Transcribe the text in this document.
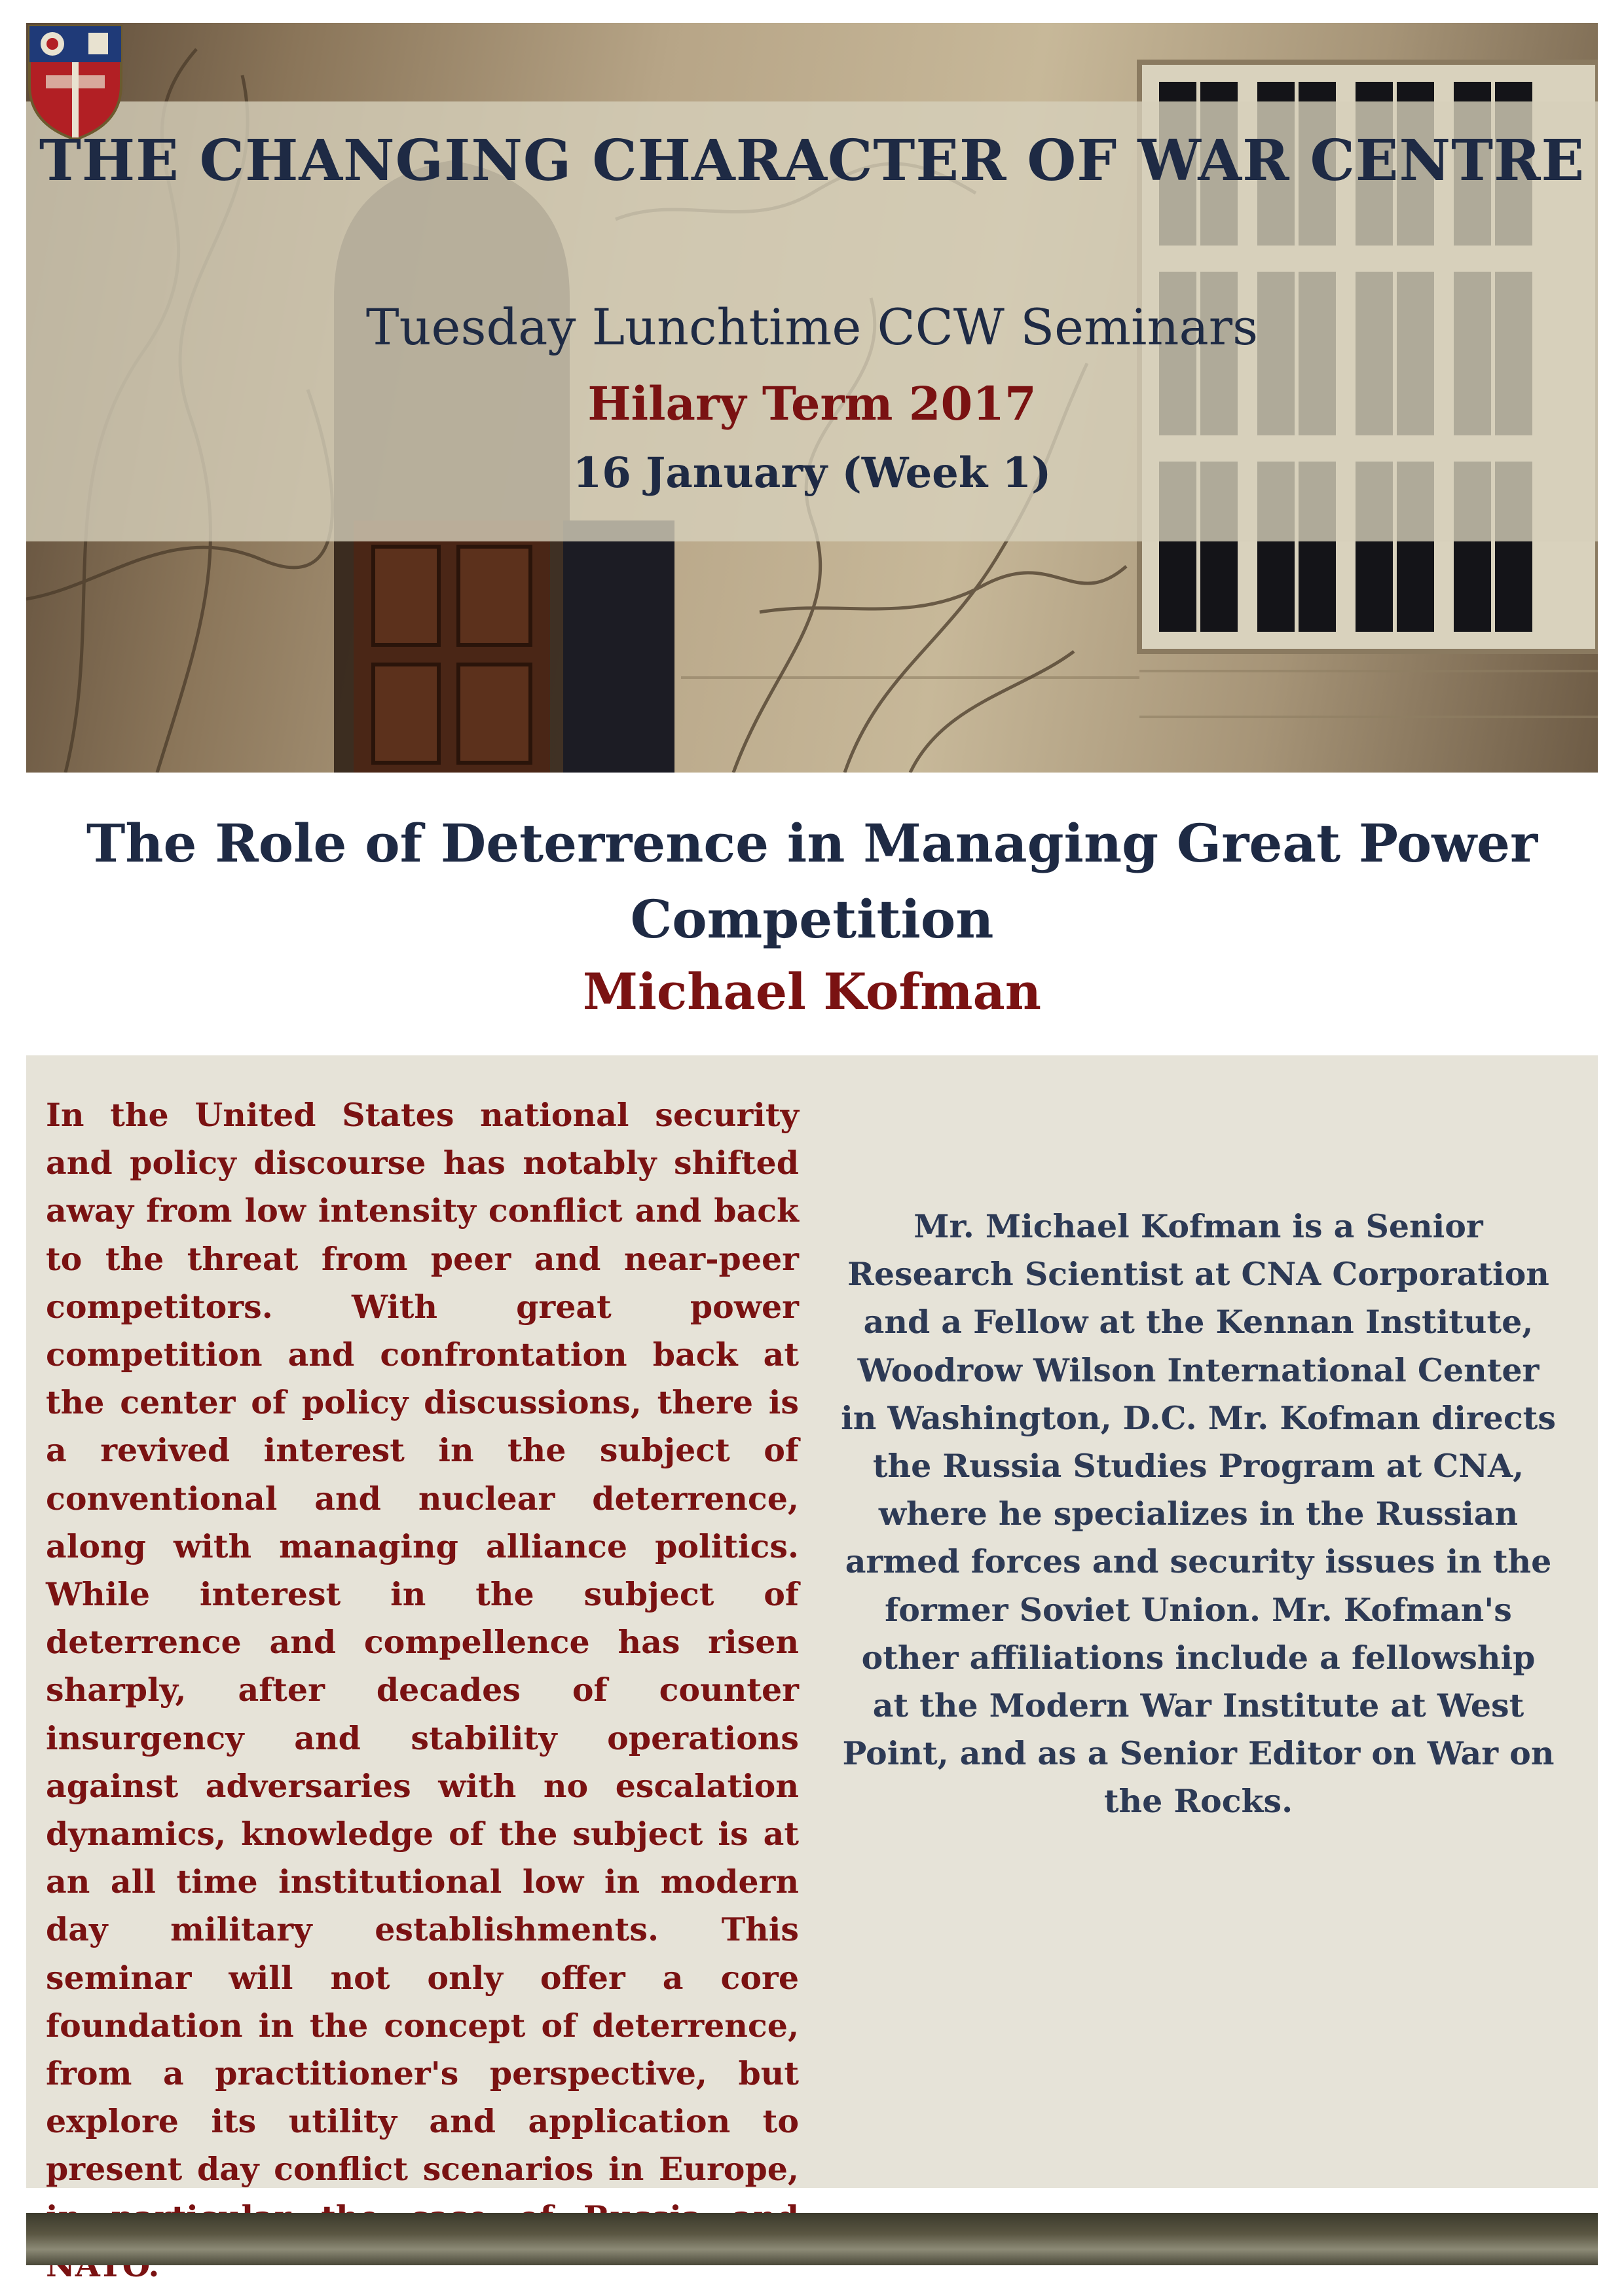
THE CHANGING CHARACTER OF WAR CENTRE

Tuesday Lunchtime CCW Seminars

Hilary Term 2017

16 January (Week 1)

The Role of Deterrence in Managing Great Power Competition

Michael Kofman

In the United States national security and policy discourse has notably shifted away from low intensity conflict and back to the threat from peer and near-peer competitors. With great power competition and confrontation back at the center of policy discussions, there is a revived interest in the subject of conventional and nuclear deterrence, along with managing alliance politics. While interest in the subject of deterrence and compellence has risen sharply, after decades of counter insurgency and stability operations against adversaries with no escalation dynamics, knowledge of the subject is at an all time institutional low in modern day military establishments. This seminar will not only offer a core foundation in the concept of deterrence, from a practitioner's perspective, but explore its utility and application to present day conflict scenarios in Europe,

Mr. Michael Kofman is a Senior Research Scientist at CNA Corporation and a Fellow at the Kennan Institute, Woodrow Wilson International Center in Washington, D.C. Mr. Kofman directs the Russia Studies Program at CNA, where he specializes in the Russian armed forces and security issues in the former Soviet Union. Mr. Kofman's other affiliations include a fellowship at the Modern War Institute at West Point, and as a Senior Editor on War on the Rocks.
